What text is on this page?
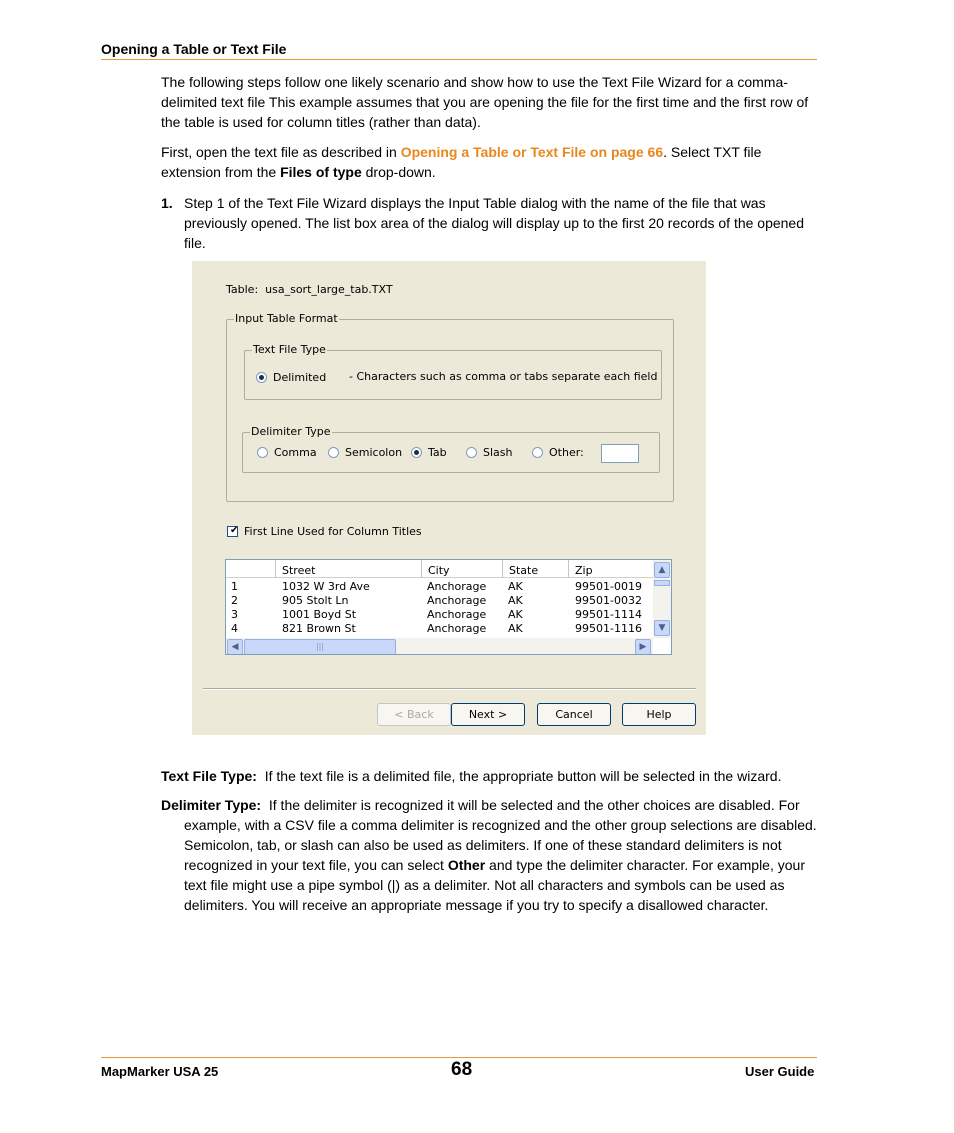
Opening a Table or Text File

The following steps follow one likely scenario and show how to use the Text File Wizard for a comma-delimited text file This example assumes that you are opening the file for the first time and the first row of the table is used for column titles (rather than data).

First, open the text file as described in Opening a Table or Text File on page 66. Select TXT file extension from the Files of type drop-down.

1. Step 1 of the Text File Wizard displays the Input Table dialog with the name of the file that was previously opened. The list box area of the dialog will display up to the first 20 records of the opened file.

Table:  usa_sort_large_tab.TXT
Input Table Format
Text File Type
Delimited - Characters such as comma or tabs separate each field
Delimiter Type
Comma	Semicolon Tab	Slash	Other:
✔ First Line Used for Column Titles
Street	City	State	Zip
1	1032 W 3rd Ave	Anchorage AK	99501-0019
2	905 Stolt Ln	Anchorage AK	99501-0032
3	1001 Boyd St	Anchorage AK	99501-1114
4	821 Brown St	Anchorage AK	99501-1116
▲
▼
◀	|||	▶
< Back	Next >	Cancel	Help

Text File Type: If the text file is a delimited file, the appropriate button will be selected in the wizard.

Delimiter Type: If the delimiter is recognized it will be selected and the other choices are disabled. For example, with a CSV file a comma delimiter is recognized and the other group selections are disabled. Semicolon, tab, or slash can also be used as delimiters. If one of these standard delimiters is not recognized in your text file, you can select Other and type the delimiter character. For example, your text file might use a pipe symbol (|) as a delimiter. Not all characters and symbols can be used as delimiters. You will receive an appropriate message if you try to specify a disallowed character.

MapMarker USA 25	68	User Guide
